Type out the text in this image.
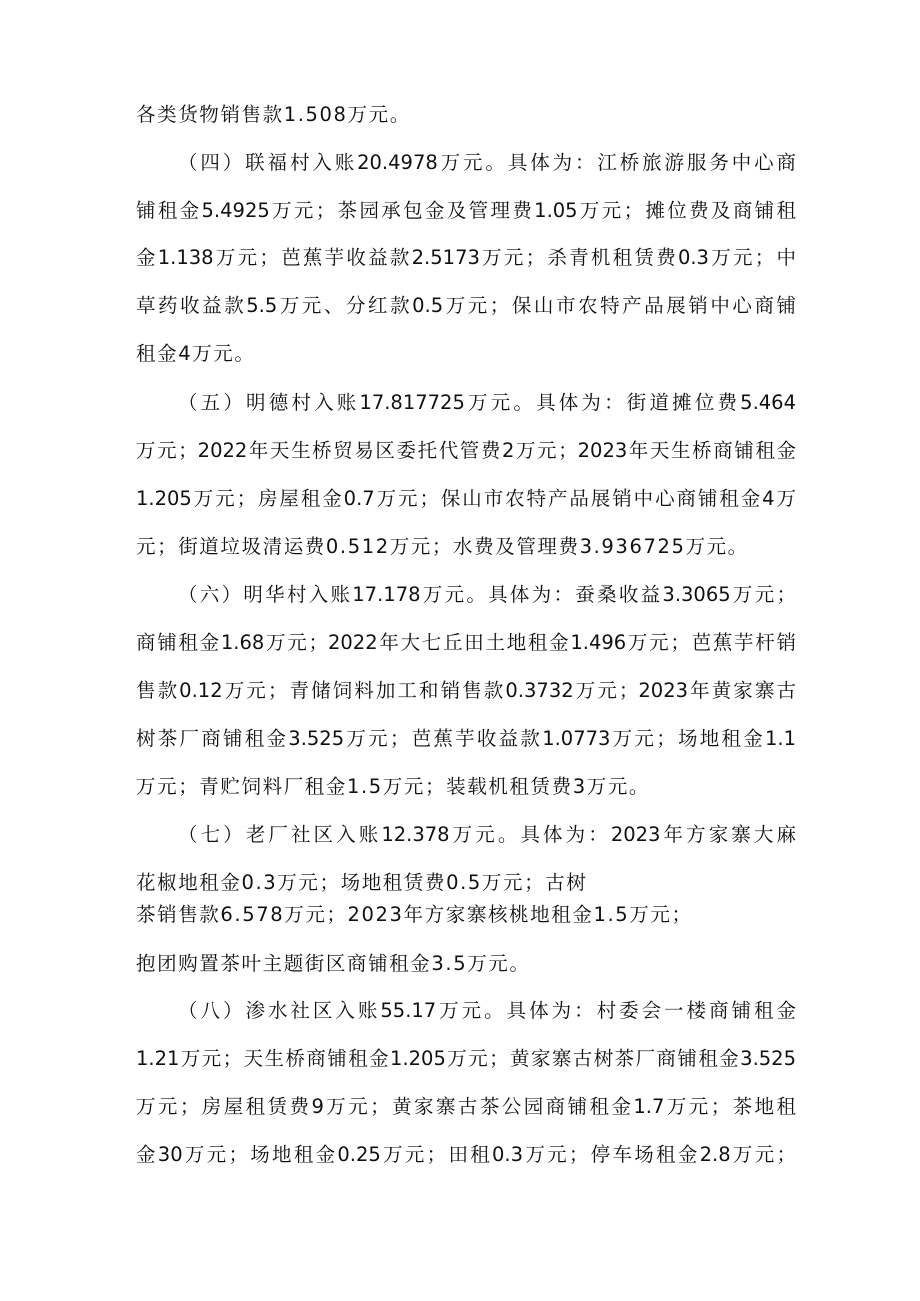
各类货物销售款1.508万元。
（四）联福村入账20.4978万元。具体为：江桥旅游服务中心商
铺租金5.4925万元；茶园承包金及管理费1.05万元；摊位费及商铺租
金1.138万元；芭蕉芋收益款2.5173万元；杀青机租赁费0.3万元；中
草药收益款5.5万元、分红款0.5万元；保山市农特产品展销中心商铺
租金4万元。
（五）明德村入账17.817725万元。具体为：街道摊位费5.464
万元；2022年天生桥贸易区委托代管费2万元；2023年天生桥商铺租金
1.205万元；房屋租金0.7万元；保山市农特产品展销中心商铺租金4万
元；街道垃圾清运费0.512万元；水费及管理费3.936725万元。
（六）明华村入账17.178万元。具体为：蚕桑收益3.3065万元；
商铺租金1.68万元；2022年大七丘田土地租金1.496万元；芭蕉芋杆销
售款0.12万元；青储饲料加工和销售款0.3732万元；2023年黄家寨古
树茶厂商铺租金3.525万元；芭蕉芋收益款1.0773万元；场地租金1.1
万元；青贮饲料厂租金1.5万元；装载机租赁费3万元。
（七）老厂社区入账12.378万元。具体为：2023年方家寨大麻
花椒地租金0.3万元；场地租赁费0.5万元；古树
茶销售款6.578万元；2023年方家寨核桃地租金1.5万元；
抱团购置茶叶主题街区商铺租金3.5万元。
（八）渗水社区入账55.17万元。具体为：村委会一楼商铺租金
1.21万元；天生桥商铺租金1.205万元；黄家寨古树茶厂商铺租金3.525
万元；房屋租赁费9万元；黄家寨古茶公园商铺租金1.7万元；茶地租
金30万元；场地租金0.25万元；田租0.3万元；停车场租金2.8万元；
